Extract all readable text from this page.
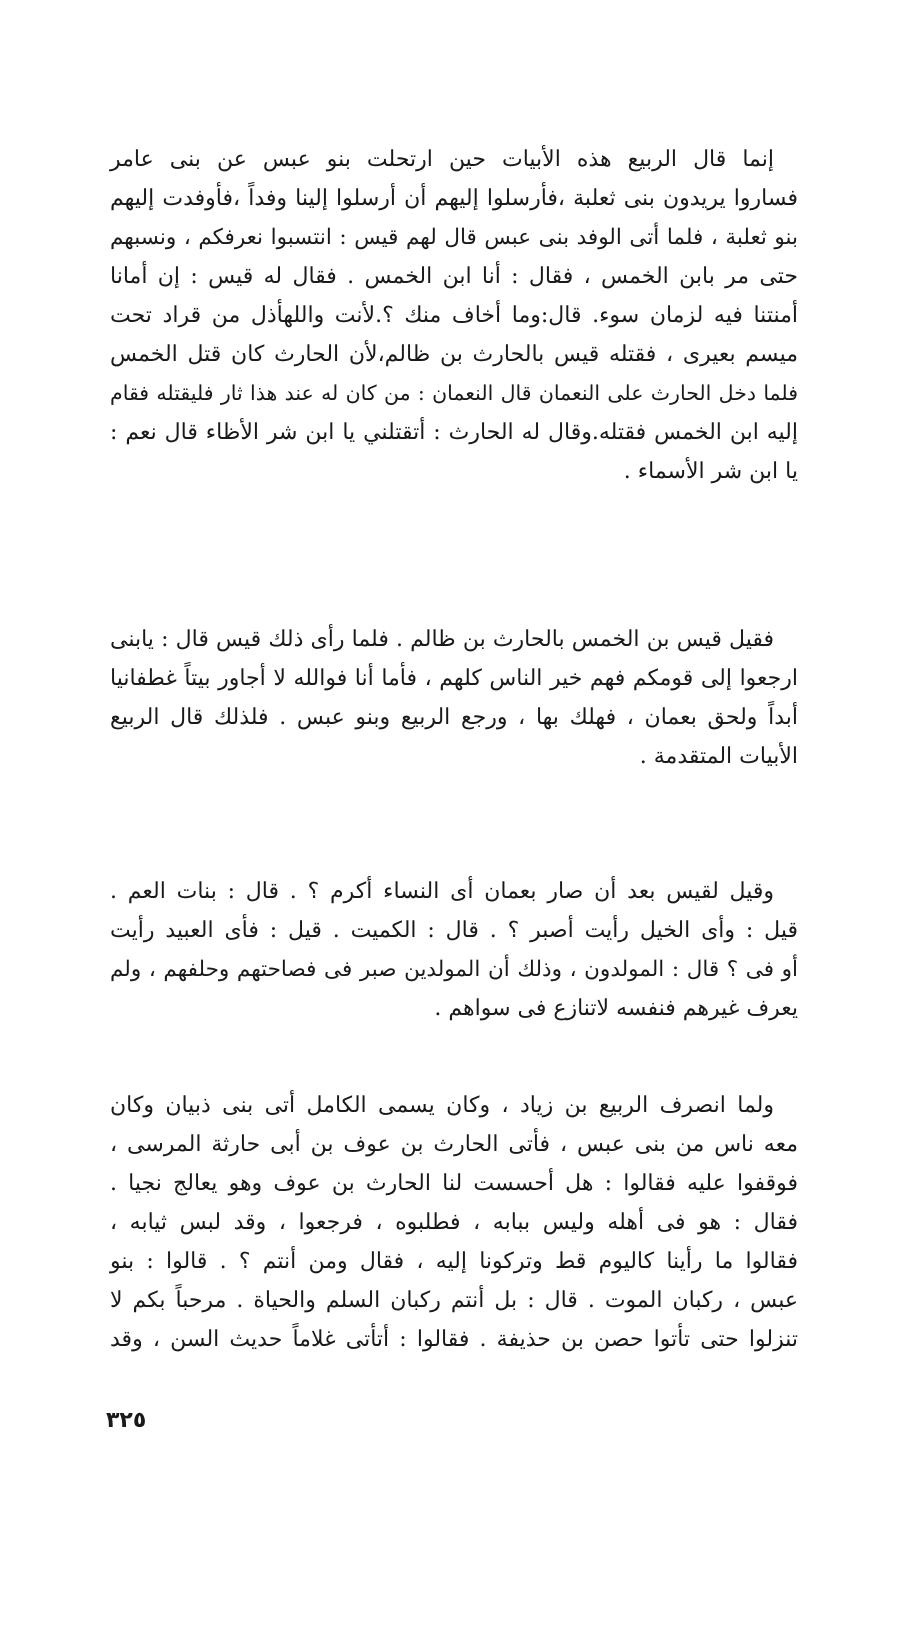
إنما قال الربيع هذه الأبيات حين ارتحلت بنو عبس عن بنى عامر
فساروا يريدون بنى ثعلبة ،فأرسلوا إليهم أن أرسلوا إلينا وفداً ،فأوفدت إليهم
بنو ثعلبة ، فلما أتى الوفد بنى عبس قال لهم قيس : انتسبوا نعرفكم ، ونسبهم
حتى مر بابن الخمس ، فقال : أنا ابن الخمس . فقال له قيس : إن أمانا
أمنتنا فيه لزمان سوء. قال:وما أخاف منك ؟.لأنت واللهأذل من قراد تحت
ميسم بعيرى ، فقتله قيس بالحارث بن ظالم،لأن الحارث كان قتل الخمس
فلما دخل الحارث على النعمان قال النعمان : من كان له عند هذا ثار فليقتله فقام
إليه ابن الخمس فقتله.وقال له الحارث : أتقتلني يا ابن شر الأظاء قال نعم :
يا ابن شر الأسماء .

فقيل قيس بن الخمس بالحارث بن ظالم . فلما رأى ذلك قيس قال : يابنى
ارجعوا إلى قومكم فهم خير الناس كلهم ، فأما أنا فوالله لا أجاور بيتاً غطفانيا
أبداً ولحق بعمان ، فهلك بها ، ورجع الربيع وبنو عبس . فلذلك قال الربيع
الأبيات المتقدمة .

وقيل لقيس بعد أن صار بعمان أى النساء أكرم ؟ . قال : بنات العم .
قيل : وأى الخيل رأيت أصبر ؟ . قال : الكميت . قيل : فأى العبيد رأيت
أو فى ؟ قال : المولدون ، وذلك أن المولدين صبر فى فصاحتهم وحلفهم ، ولم
يعرف غيرهم فنفسه لاتنازع فى سواهم .

ولما انصرف الربيع بن زياد ، وكان يسمى الكامل أتى بنى ذبيان وكان
معه ناس من بنى عبس ، فأتى الحارث بن عوف بن أبى حارثة المرسى ،
فوقفوا عليه فقالوا : هل أحسست لنا الحارث بن عوف وهو يعالج نجيا .
فقال : هو فى أهله وليس ببابه ، فطلبوه ، فرجعوا ، وقد لبس ثيابه ،
فقالوا ما رأينا كاليوم قط وتركونا إليه ، فقال ومن أنتم ؟ . قالوا : بنو
عبس ، ركبان الموت . قال : بل أنتم ركبان السلم والحياة . مرحباً بكم لا
تنزلوا حتى تأتوا حصن بن حذيفة . فقالوا : أتأتى غلاماً حديث السن ، وقد

٣٢٥
